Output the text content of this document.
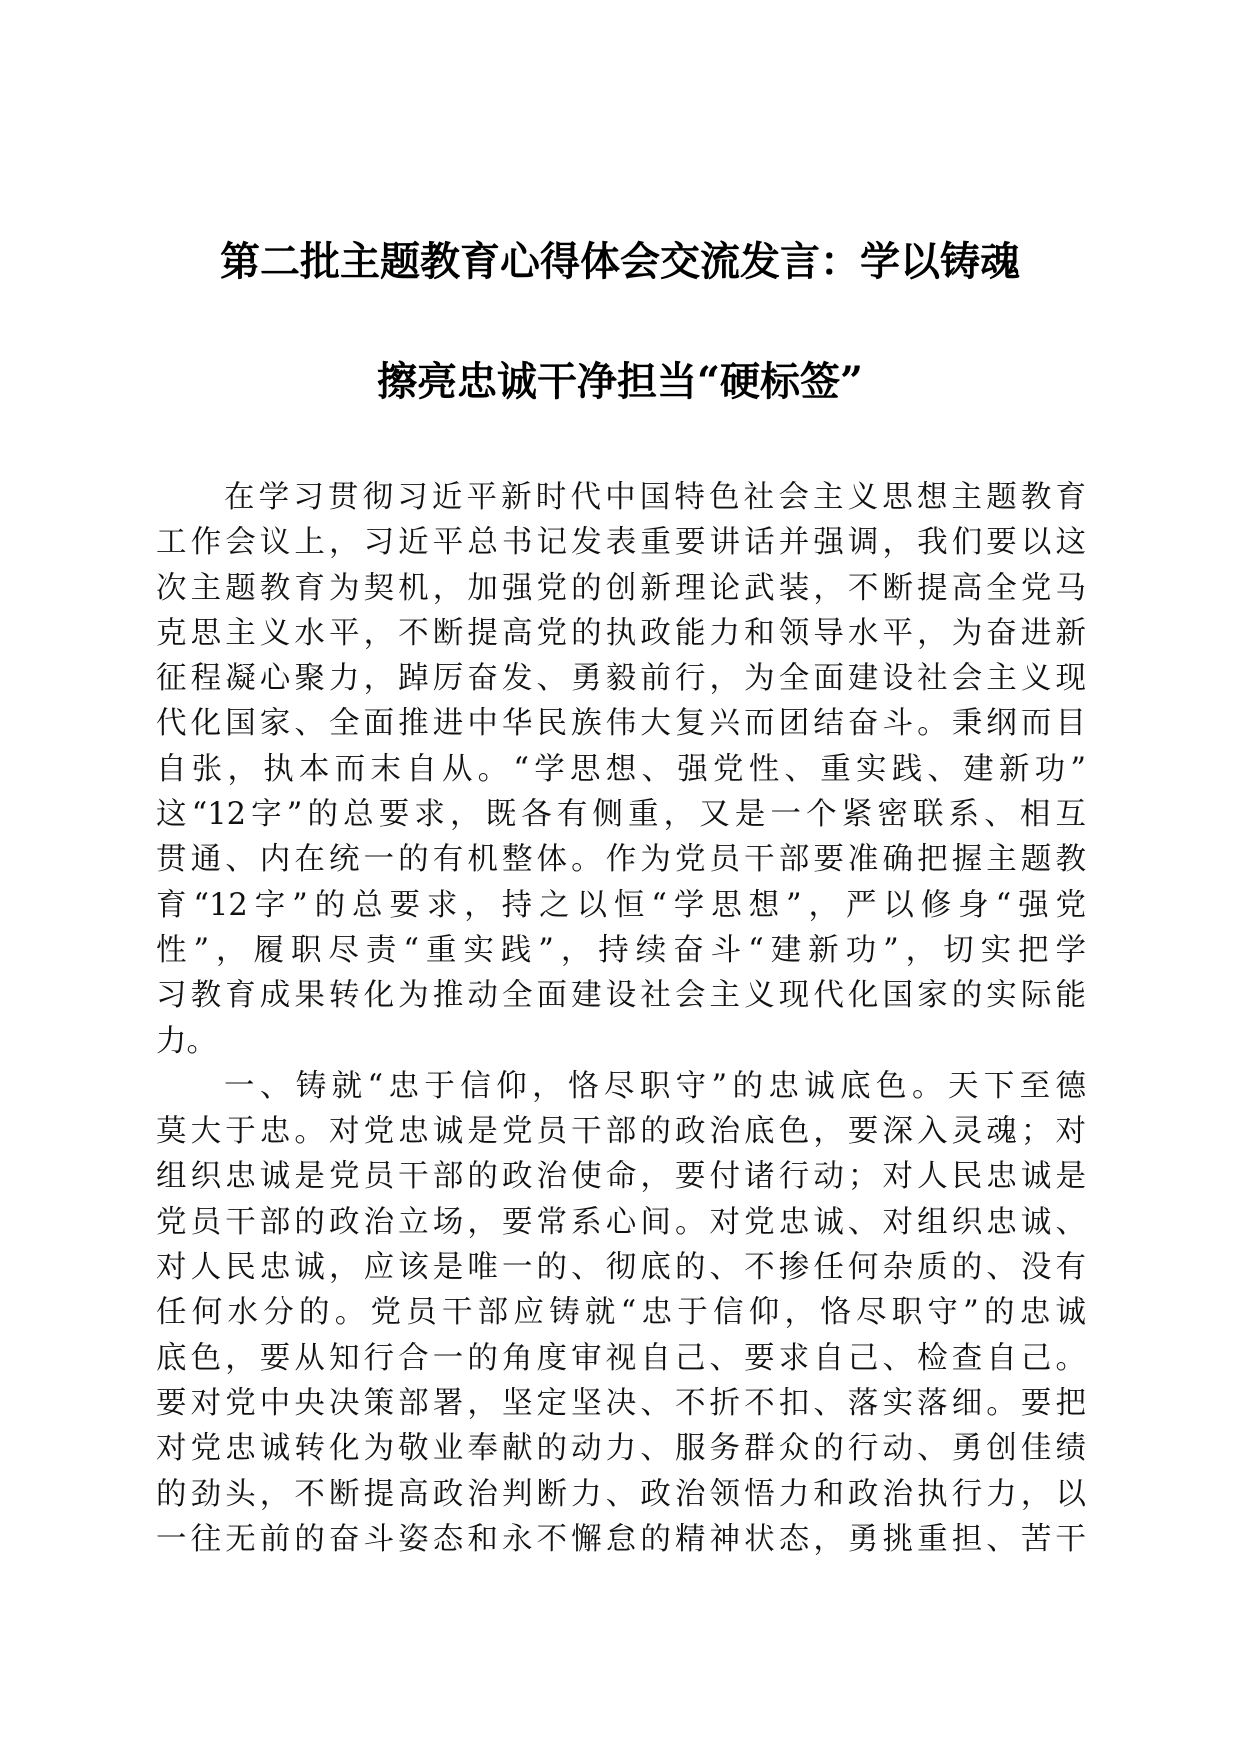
第二批主题教育心得体会交流发言：学以铸魂
擦亮忠诚干净担当“硬标签”
在学习贯彻习近平新时代中国特色社会主义思想主题教育
工作会议上，习近平总书记发表重要讲话并强调，我们要以这
次主题教育为契机，加强党的创新理论武装，不断提高全党马
克思主义水平，不断提高党的执政能力和领导水平，为奋进新
征程凝心聚力，踔厉奋发、勇毅前行，为全面建设社会主义现
代化国家、全面推进中华民族伟大复兴而团结奋斗。秉纲而目
自张，执本而末自从。“学思想、强党性、重实践、建新功”
这“12字”的总要求，既各有侧重，又是一个紧密联系、相互
贯通、内在统一的有机整体。作为党员干部要准确把握主题教
育“12字”的总要求，持之以恒“学思想”，严以修身“强党
性”，履职尽责“重实践”，持续奋斗“建新功”，切实把学
习教育成果转化为推动全面建设社会主义现代化国家的实际能
力。
一、铸就“忠于信仰，恪尽职守”的忠诚底色。天下至德
莫大于忠。对党忠诚是党员干部的政治底色，要深入灵魂；对
组织忠诚是党员干部的政治使命，要付诸行动；对人民忠诚是
党员干部的政治立场，要常系心间。对党忠诚、对组织忠诚、
对人民忠诚，应该是唯一的、彻底的、不掺任何杂质的、没有
任何水分的。党员干部应铸就“忠于信仰，恪尽职守”的忠诚
底色，要从知行合一的角度审视自己、要求自己、检查自己。
要对党中央决策部署，坚定坚决、不折不扣、落实落细。要把
对党忠诚转化为敬业奉献的动力、服务群众的行动、勇创佳绩
的劲头，不断提高政治判断力、政治领悟力和政治执行力，以
一往无前的奋斗姿态和永不懈怠的精神状态，勇挑重担、苦干
